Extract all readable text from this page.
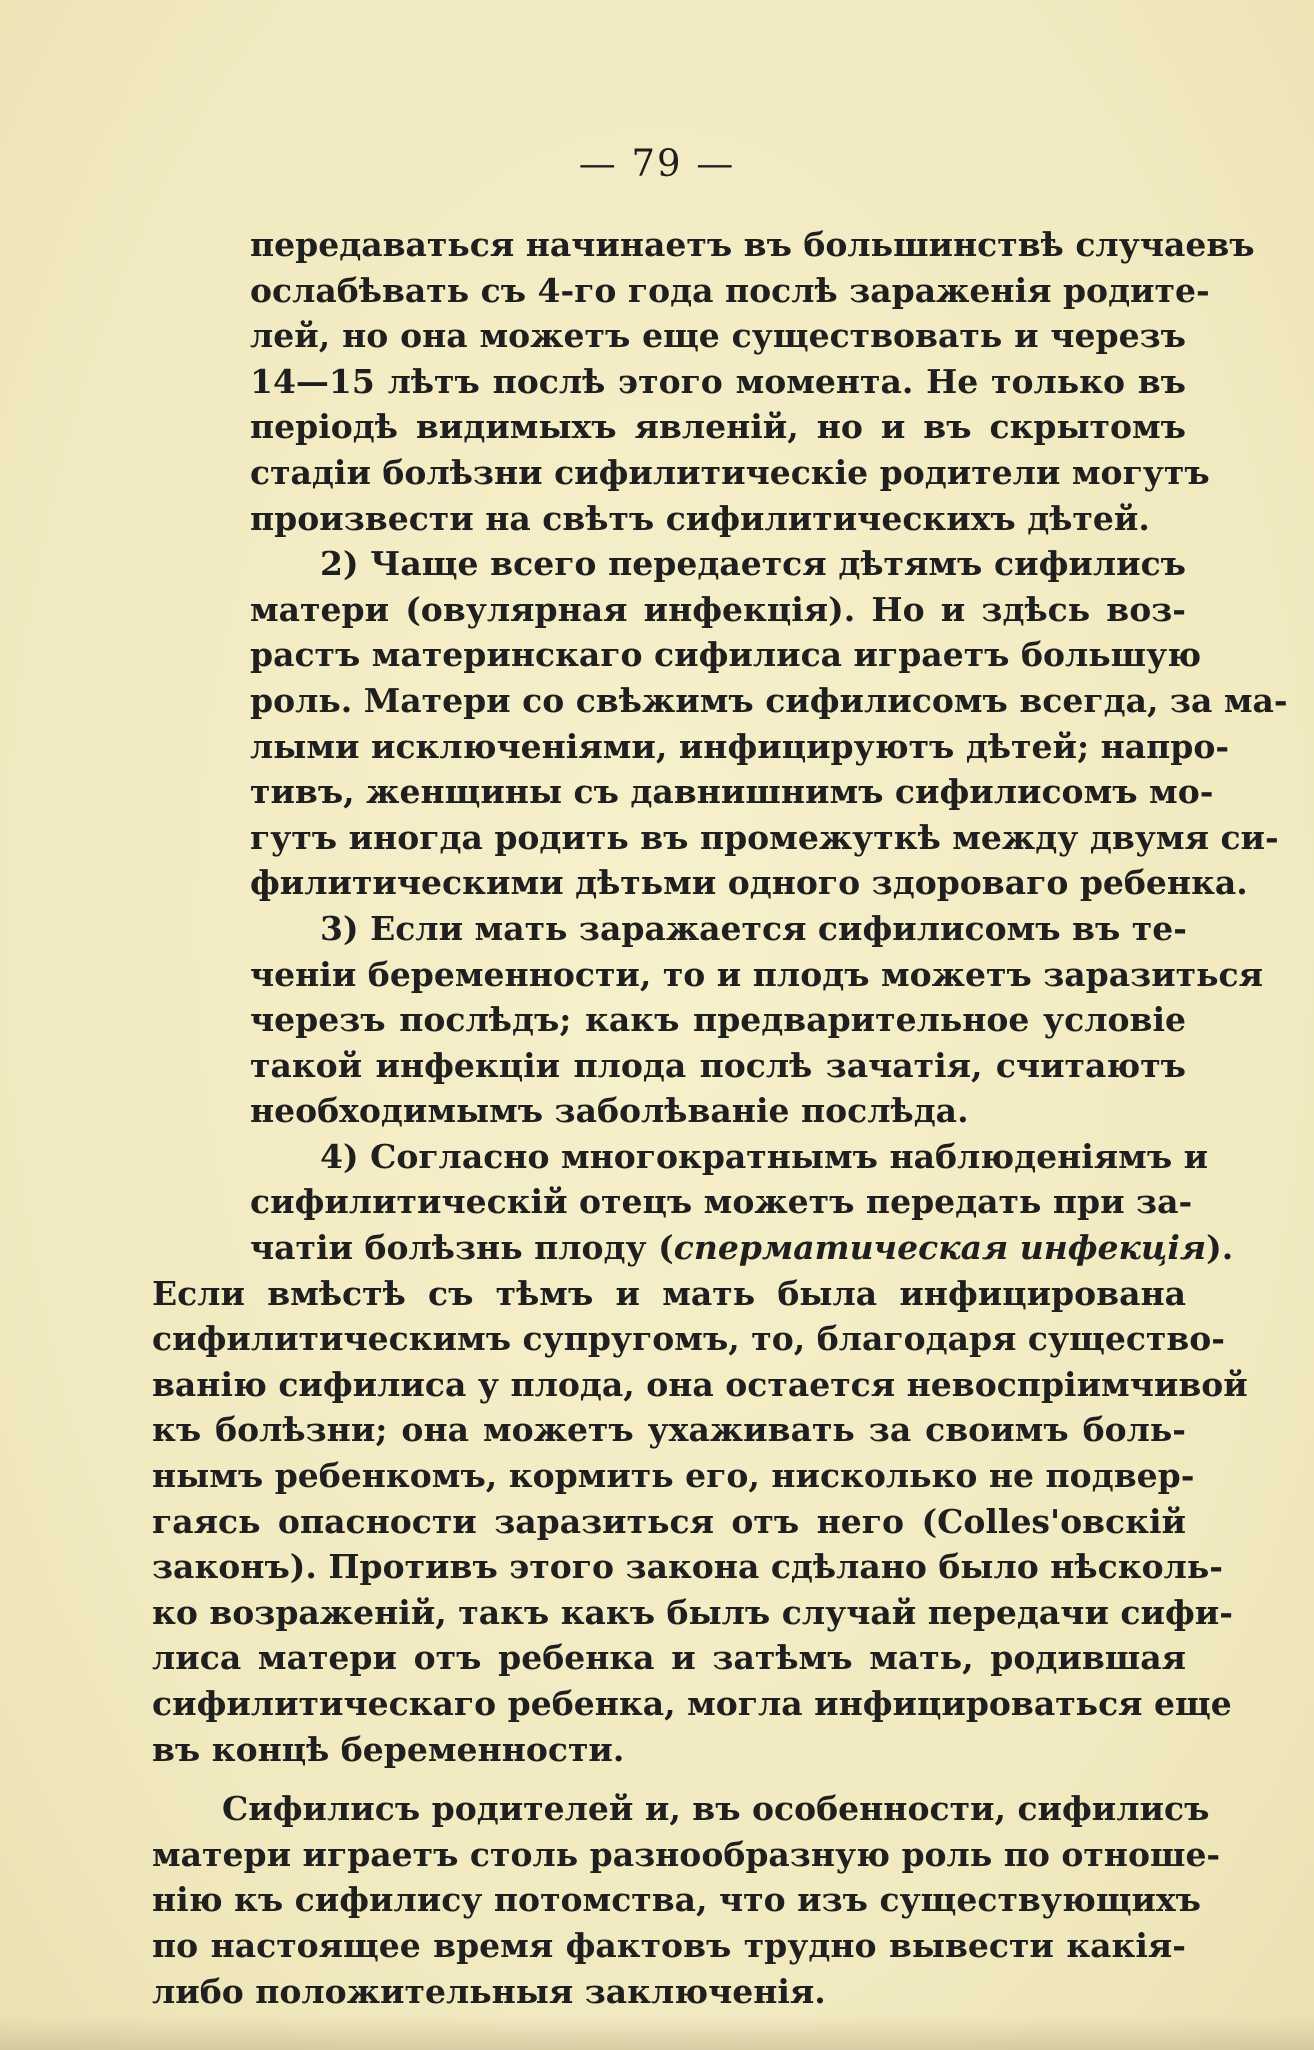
— 79 —
передаваться начинаетъ въ большинствѣ случаевъ
ослабѣвать съ 4-го года послѣ зараженія родите-
лей, но она можетъ еще существовать и черезъ
14—15 лѣтъ послѣ этого момента. Не только въ
періодѣ видимыхъ явленій, но и въ скрытомъ
стадіи болѣзни сифилитическіе родители могутъ
произвести на свѣтъ сифилитическихъ дѣтей.
2) Чаще всего передается дѣтямъ сифилисъ
матери (овулярная инфекція). Но и здѣсь воз-
растъ материнскаго сифилиса играетъ большую
роль. Матери со свѣжимъ сифилисомъ всегда, за ма-
лыми исключеніями, инфицируютъ дѣтей; напро-
тивъ, женщины съ давнишнимъ сифилисомъ мо-
гутъ иногда родить въ промежуткѣ между двумя си-
филитическими дѣтьми одного здороваго ребенка.
3) Если мать заражается сифилисомъ въ те-
ченіи беременности, то и плодъ можетъ заразиться
черезъ послѣдъ; какъ предварительное условіе
такой инфекціи плода послѣ зачатія, считаютъ
необходимымъ заболѣваніе послѣда.
4) Согласно многократнымъ наблюденіямъ и
сифилитическій отецъ можетъ передать при за-
чатіи болѣзнь плоду (сперматическая инфекція).
Если вмѣстѣ съ тѣмъ и мать была инфицирована
сифилитическимъ супругомъ, то, благодаря существо-
ванію сифилиса у плода, она остается невоспріимчивой
къ болѣзни; она можетъ ухаживать за своимъ боль-
нымъ ребенкомъ, кормить его, нисколько не подвер-
гаясь опасности заразиться отъ него (Colles'овскій
законъ). Противъ этого закона сдѣлано было нѣсколь-
ко возраженій, такъ какъ былъ случай передачи сифи-
лиса матери отъ ребенка и затѣмъ мать, родившая
сифилитическаго ребенка, могла инфицироваться еще
въ концѣ беременности.
Сифилисъ родителей и, въ особенности, сифилисъ
матери играетъ столь разнообразную роль по отноше-
нію къ сифилису потомства, что изъ существующихъ
по настоящее время фактовъ трудно вывести какія-
либо положительныя заключенія.
